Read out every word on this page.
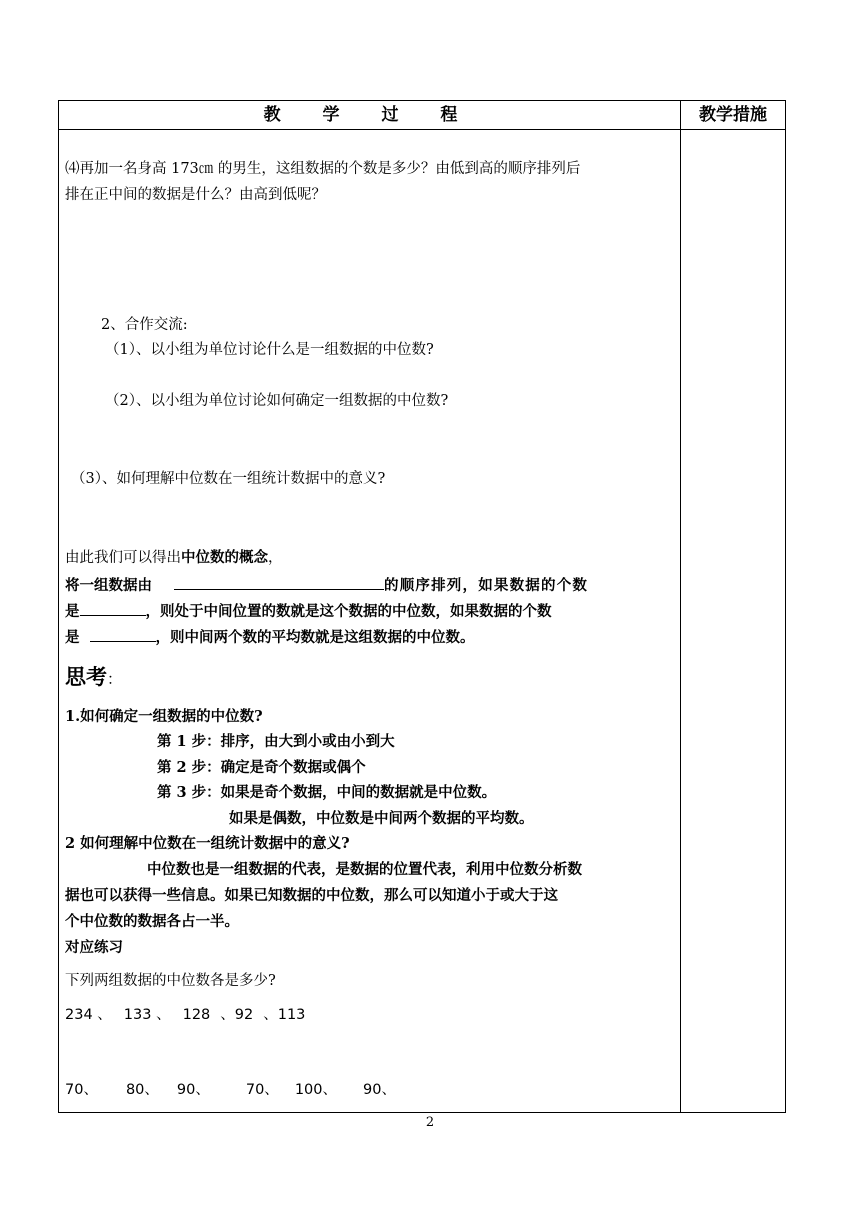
教 学 过 程	教学措施
⑷再加一名身高 173㎝ 的男生，这组数据的个数是多少？由低到高的顺序排列后
排在正中间的数据是什么？由高到低呢？
2、合作交流:
（1）、以小组为单位讨论什么是一组数据的中位数?
（2）、以小组为单位讨论如何确定一组数据的中位数?
（3）、如何理解中位数在一组统计数据中的意义?
由此我们可以得出中位数的概念，
将一组数据由	的顺序排列，如果数据的个数
是	，则处于中间位置的数就是这个数据的中位数，如果数据的个数
是	，则中间两个数的平均数就是这组数据的中位数。
思考：
1.如何确定一组数据的中位数?
第 1 步：排序，由大到小或由小到大
第 2 步：确定是奇个数据或偶个
第 3 步：如果是奇个数据，中间的数据就是中位数。
如果是偶数，中位数是中间两个数据的平均数。
2 如何理解中位数在一组统计数据中的意义?
中位数也是一组数据的代表，是数据的位置代表，利用中位数分析数
据也可以获得一些信息。如果已知数据的中位数，那么可以知道小于或大于这
个中位数的数据各占一半。
对应练习
下列两组数据的中位数各是多少?
234 、 133 、 128 、92 、113
70、 80、 90、 70、 100、 90、
2
